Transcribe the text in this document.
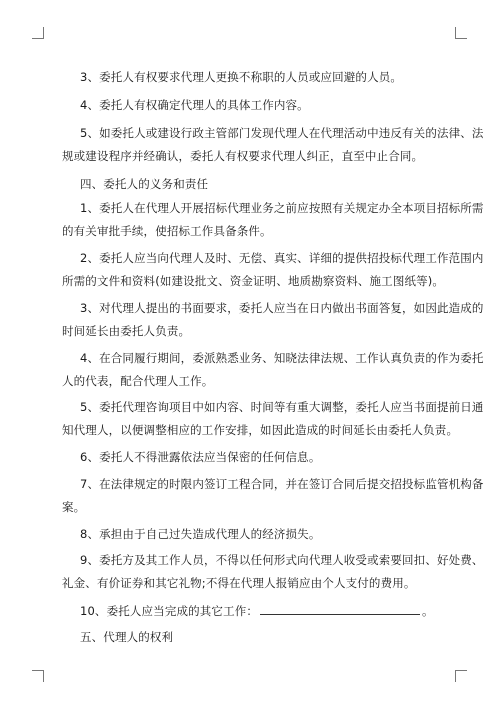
3、委托人有权要求代理人更换不称职的人员或应回避的人员。
4、委托人有权确定代理人的具体工作内容。
5、如委托人或建设行政主管部门发现代理人在代理活动中违反有关的法律、法
规或建设程序并经确认，委托人有权要求代理人纠正，直至中止合同。
四、委托人的义务和责任
1、委托人在代理人开展招标代理业务之前应按照有关规定办全本项目招标所需
的有关审批手续，使招标工作具备条件。
2、委托人应当向代理人及时、无偿、真实、详细的提供招投标代理工作范围内
所需的文件和资料(如建设批文、资金证明、地质勘察资料、施工图纸等)。
3、对代理人提出的书面要求，委托人应当在日内做出书面答复，如因此造成的
时间延长由委托人负责。
4、在合同履行期间，委派熟悉业务、知晓法律法规、工作认真负责的作为委托
人的代表，配合代理人工作。
5、委托代理咨询项目中如内容、时间等有重大调整，委托人应当书面提前日通
知代理人，以便调整相应的工作安排，如因此造成的时间延长由委托人负责。
6、委托人不得泄露依法应当保密的任何信息。
7、在法律规定的时限内签订工程合同，并在签订合同后提交招投标监管机构备
案。
8、承担由于自己过失造成代理人的经济损失。
9、委托方及其工作人员，不得以任何形式向代理人收受或索要回扣、好处费、
礼金、有价证券和其它礼物;不得在代理人报销应由个人支付的费用。
10、委托人应当完成的其它工作：	。
五、代理人的权利
